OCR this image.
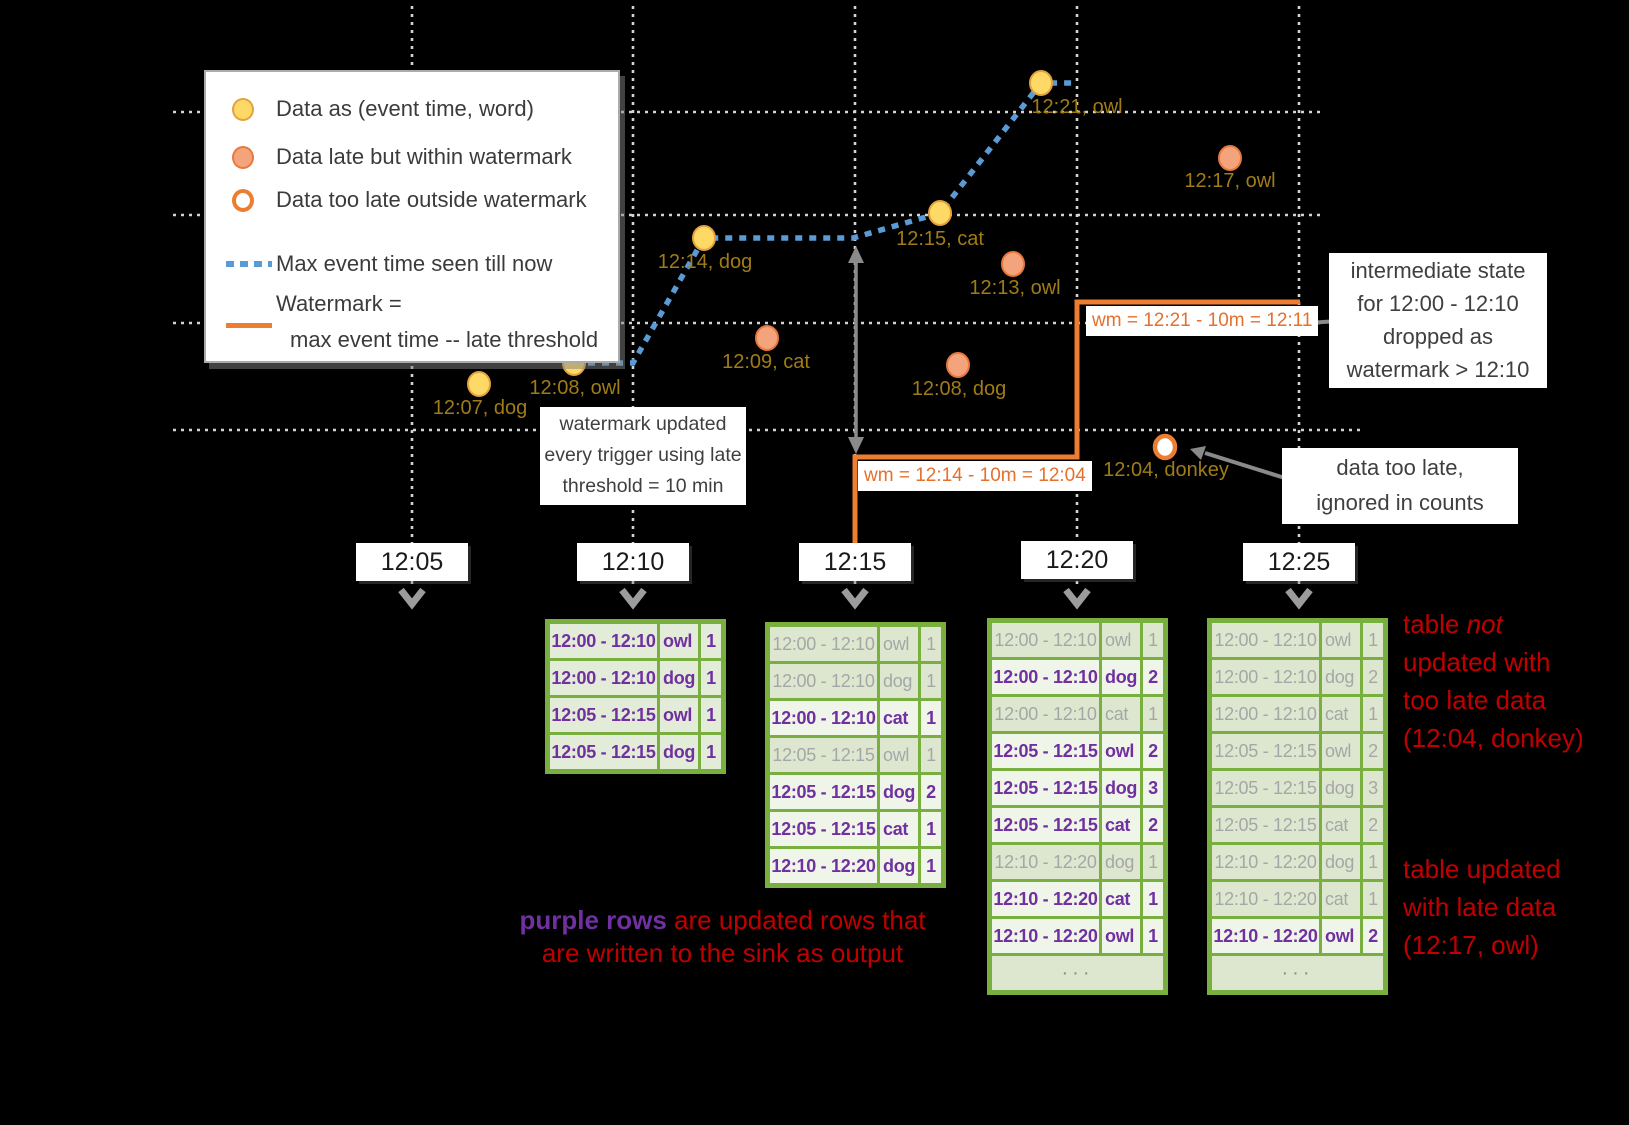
12:21, owl
12:15, cat
12:14, dog
12:08, owl
12:07, dog
12:17, owl
12:13, owl
12:09, cat
12:08, dog
12:04, donkey
wm = 12:14 - 10m = 12:04
wm = 12:21 - 10m = 12:11
Data as (event time, word)
Data late but within watermark
Data too late outside watermark
Max event time seen till now
Watermark =
max event time -- late threshold
watermark updated
every trigger using late
threshold = 10 min
intermediate state
for 12:00 - 12:10
dropped as
watermark > 12:10
data too late,
ignored in counts
12:05	12:10	12:15	12:20	12:25
12:00 - 12:10 owl 1
12:00 - 12:10 dog 1
12:05 - 12:15 owl 1
12:05 - 12:15 dog 1
12:00 - 12:10 owl 1
12:00 - 12:10 dog 1
12:00 - 12:10 cat	1
12:05 - 12:15 owl 1
12:05 - 12:15 dog 2
12:05 - 12:15 cat	1
12:10 - 12:20 dog 1
12:00 - 12:10 owl 1
12:00 - 12:10 dog 2
12:00 - 12:10 cat	1
12:05 - 12:15 owl 2
12:05 - 12:15 dog 3
12:05 - 12:15 cat	2
12:10 - 12:20 dog 1
12:10 - 12:20 cat	1
12:10 - 12:20 owl 1
···
12:00 - 12:10 owl 1
12:00 - 12:10 dog 2
12:00 - 12:10 cat	1
12:05 - 12:15 owl 2
12:05 - 12:15 dog 3
12:05 - 12:15 cat	2
12:10 - 12:20 dog 1
12:10 - 12:20 cat	1
12:10 - 12:20 owl 2
···
table not
updated with
too late data
(12:04, donkey)
table updated
with late data
(12:17, owl)
purple rows are updated rows that
are written to the sink as output
